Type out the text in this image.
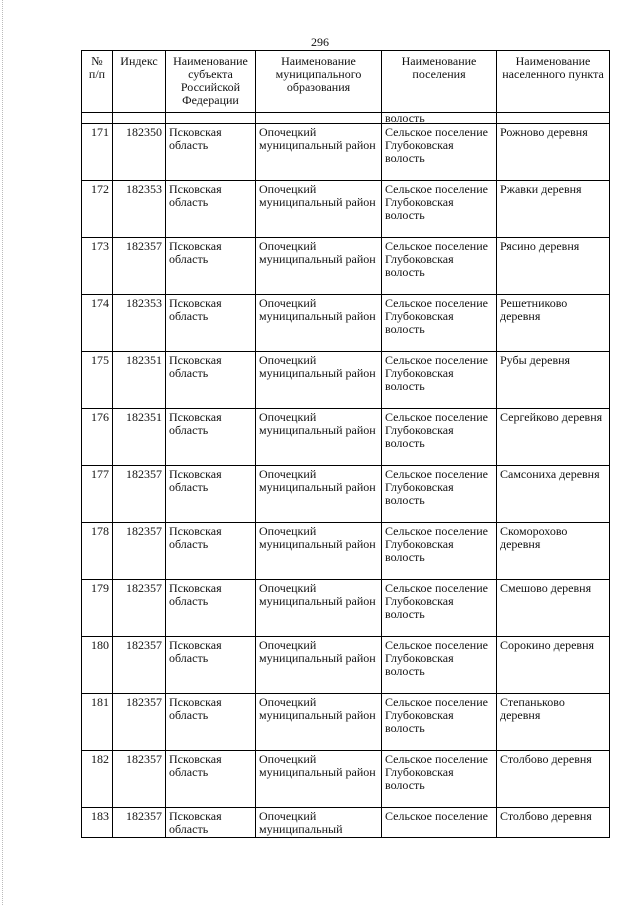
296
№ п/п	Индекс	Наименование субъекта Российской Федерации	Наименование муниципального образования	Наименование поселения	Наименование населенного пункта
				волость	
171	182350	Псковская область	Опочецкий муниципальный район	Сельское поселение Глубоковская волость	Рожново деревня
172	182353	Псковская область	Опочецкий муниципальный район	Сельское поселение Глубоковская волость	Ржавки деревня
173	182357	Псковская область	Опочецкий муниципальный район	Сельское поселение Глубоковская волость	Рясино деревня
174	182353	Псковская область	Опочецкий муниципальный район	Сельское поселение Глубоковская волость	Решетниково деревня
175	182351	Псковская область	Опочецкий муниципальный район	Сельское поселение Глубоковская волость	Рубы деревня
176	182351	Псковская область	Опочецкий муниципальный район	Сельское поселение Глубоковская волость	Сергейково деревня
177	182357	Псковская область	Опочецкий муниципальный район	Сельское поселение Глубоковская волость	Самсониха деревня
178	182357	Псковская область	Опочецкий муниципальный район	Сельское поселение Глубоковская волость	Скоморохово деревня
179	182357	Псковская область	Опочецкий муниципальный район	Сельское поселение Глубоковская волость	Смешово деревня
180	182357	Псковская область	Опочецкий муниципальный район	Сельское поселение Глубоковская волость	Сорокино деревня
181	182357	Псковская область	Опочецкий муниципальный район	Сельское поселение Глубоковская волость	Степаньково деревня
182	182357	Псковская область	Опочецкий муниципальный район	Сельское поселение Глубоковская волость	Столбово деревня
183	182357	Псковская область	Опочецкий муниципальный	Сельское поселение	Столбово деревня
